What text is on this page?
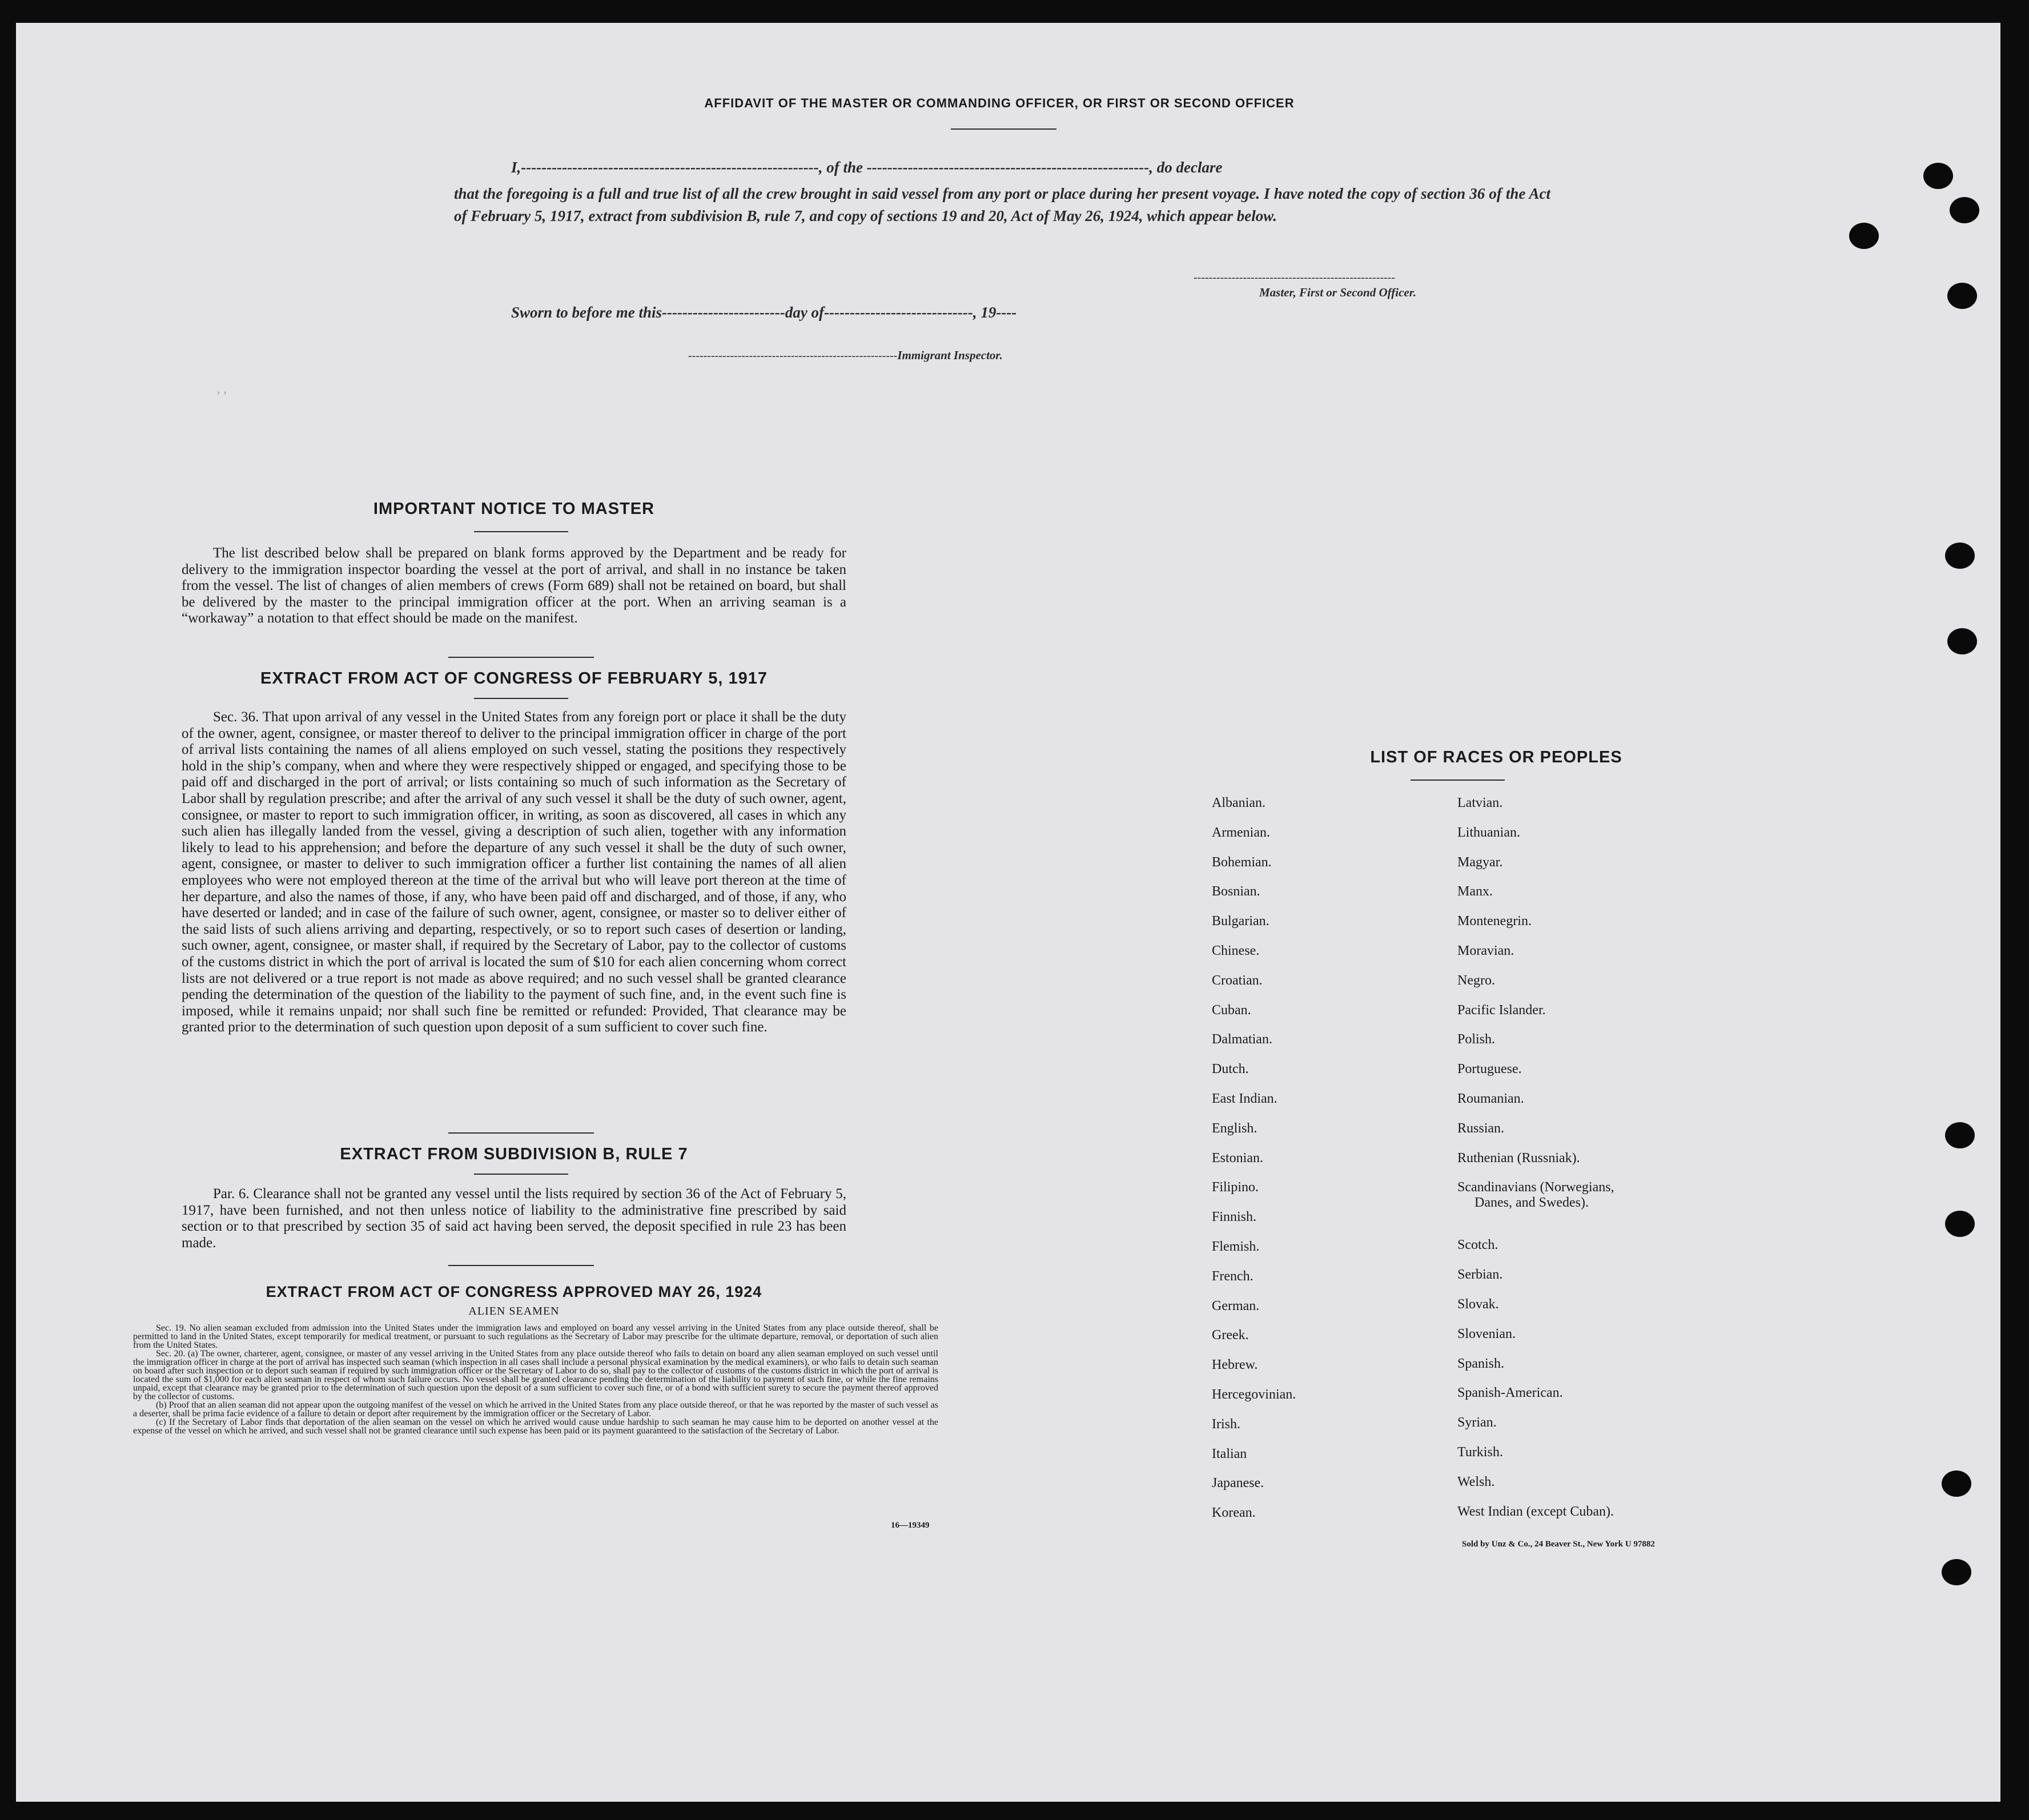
,,
AFFIDAVIT OF THE MASTER OR COMMANDING OFFICER, OR FIRST OR SECOND OFFICER
I,----------------------------------------------------------, of the -------------------------------------------------------, do declare
that the foregoing is a full and true list of all the crew brought in said vessel from any port or place during her present voyage. I have noted the copy of section 36 of the Act of February 5, 1917, extract from subdivision B, rule 7, and copy of sections 19 and 20, Act of May 26, 1924, which appear below.
-----------------------------------------------------
Master, First or Second Officer.
Sworn to before me this------------------------day of-----------------------------, 19----
-------------------------------------------------------Immigrant Inspector.
IMPORTANT NOTICE TO MASTER
The list described below shall be prepared on blank forms approved by the Department and be ready for delivery to the immigration inspector boarding the vessel at the port of arrival, and shall in no instance be taken from the vessel. The list of changes of alien members of crews (Form 689) shall not be retained on board, but shall be delivered by the master to the principal immigration officer at the port. When an arriving seaman is a “workaway” a notation to that effect should be made on the manifest.
EXTRACT FROM ACT OF CONGRESS OF FEBRUARY 5, 1917
Sec. 36. That upon arrival of any vessel in the United States from any foreign port or place it shall be the duty of the owner, agent, consignee, or master thereof to deliver to the principal immigration officer in charge of the port of arrival lists containing the names of all aliens employed on such vessel, stating the positions they respectively hold in the ship’s company, when and where they were respectively shipped or engaged, and specifying those to be paid off and discharged in the port of arrival; or lists containing so much of such information as the Secretary of Labor shall by regulation prescribe; and after the arrival of any such vessel it shall be the duty of such owner, agent, consignee, or master to report to such immigration officer, in writing, as soon as discovered, all cases in which any such alien has illegally landed from the vessel, giving a description of such alien, together with any information likely to lead to his apprehension; and before the departure of any such vessel it shall be the duty of such owner, agent, consignee, or master to deliver to such immigration officer a further list containing the names of all alien employees who were not employed thereon at the time of the arrival but who will leave port thereon at the time of her departure, and also the names of those, if any, who have been paid off and discharged, and of those, if any, who have deserted or landed; and in case of the failure of such owner, agent, consignee, or master so to deliver either of the said lists of such aliens arriving and departing, respectively, or so to report such cases of desertion or landing, such owner, agent, consignee, or master shall, if required by the Secretary of Labor, pay to the collector of customs of the customs district in which the port of arrival is located the sum of $10 for each alien concerning whom correct lists are not delivered or a true report is not made as above required; and no such vessel shall be granted clearance pending the determination of the question of the liability to the payment of such fine, and, in the event such fine is imposed, while it remains unpaid; nor shall such fine be remitted or refunded: Provided, That clearance may be granted prior to the determination of such question upon deposit of a sum sufficient to cover such fine.
EXTRACT FROM SUBDIVISION B, RULE 7
Par. 6. Clearance shall not be granted any vessel until the lists required by section 36 of the Act of February 5, 1917, have been furnished, and not then unless notice of liability to the administrative fine prescribed by said section or to that prescribed by section 35 of said act having been served, the deposit specified in rule 23 has been made.
EXTRACT FROM ACT OF CONGRESS APPROVED MAY 26, 1924
ALIEN SEAMEN
Sec. 19. No alien seaman excluded from admission into the United States under the immigration laws and employed on board any vessel arriving in the United States from any place outside thereof, shall be permitted to land in the United States, except temporarily for medical treatment, or pursuant to such regulations as the Secretary of Labor may prescribe for the ultimate departure, removal, or deportation of such alien from the United States.
Sec. 20. (a) The owner, charterer, agent, consignee, or master of any vessel arriving in the United States from any place outside thereof who fails to detain on board any alien seaman employed on such vessel until the immigration officer in charge at the port of arrival has inspected such seaman (which inspection in all cases shall include a personal physical examination by the medical examiners), or who fails to detain such seaman on board after such inspection or to deport such seaman if required by such immigration officer or the Secretary of Labor to do so, shall pay to the collector of customs of the customs district in which the port of arrival is located the sum of $1,000 for each alien seaman in respect of whom such failure occurs. No vessel shall be granted clearance pending the determination of the liability to payment of such fine, or while the fine remains unpaid, except that clearance may be granted prior to the determination of such question upon the deposit of a sum sufficient to cover such fine, or of a bond with sufficient surety to secure the payment thereof approved by the collector of customs.
(b) Proof that an alien seaman did not appear upon the outgoing manifest of the vessel on which he arrived in the United States from any place outside thereof, or that he was reported by the master of such vessel as a deserter, shall be prima facie evidence of a failure to detain or deport after requirement by the immigration officer or the Secretary of Labor.
(c) If the Secretary of Labor finds that deportation of the alien seaman on the vessel on which he arrived would cause undue hardship to such seaman he may cause him to be deported on another vessel at the expense of the vessel on which he arrived, and such vessel shall not be granted clearance until such expense has been paid or its payment guaranteed to the satisfaction of the Secretary of Labor.
16—19349
LIST OF RACES OR PEOPLES
Albanian.
Armenian.
Bohemian.
Bosnian.
Bulgarian.
Chinese.
Croatian.
Cuban.
Dalmatian.
Dutch.
East Indian.
English.
Estonian.
Filipino.
Finnish.
Flemish.
French.
German.
Greek.
Hebrew.
Hercegovinian.
Irish.
Italian
Japanese.
Korean.
Latvian.
Lithuanian.
Magyar.
Manx.
Montenegrin.
Moravian.
Negro.
Pacific Islander.
Polish.
Portuguese.
Roumanian.
Russian.
Ruthenian (Russniak).
Scandinavians (Norwegians,
Danes, and Swedes).
Scotch.
Serbian.
Slovak.
Slovenian.
Spanish.
Spanish-American.
Syrian.
Turkish.
Welsh.
West Indian (except Cuban).
Sold by Unz & Co., 24 Beaver St., New York U 97882
